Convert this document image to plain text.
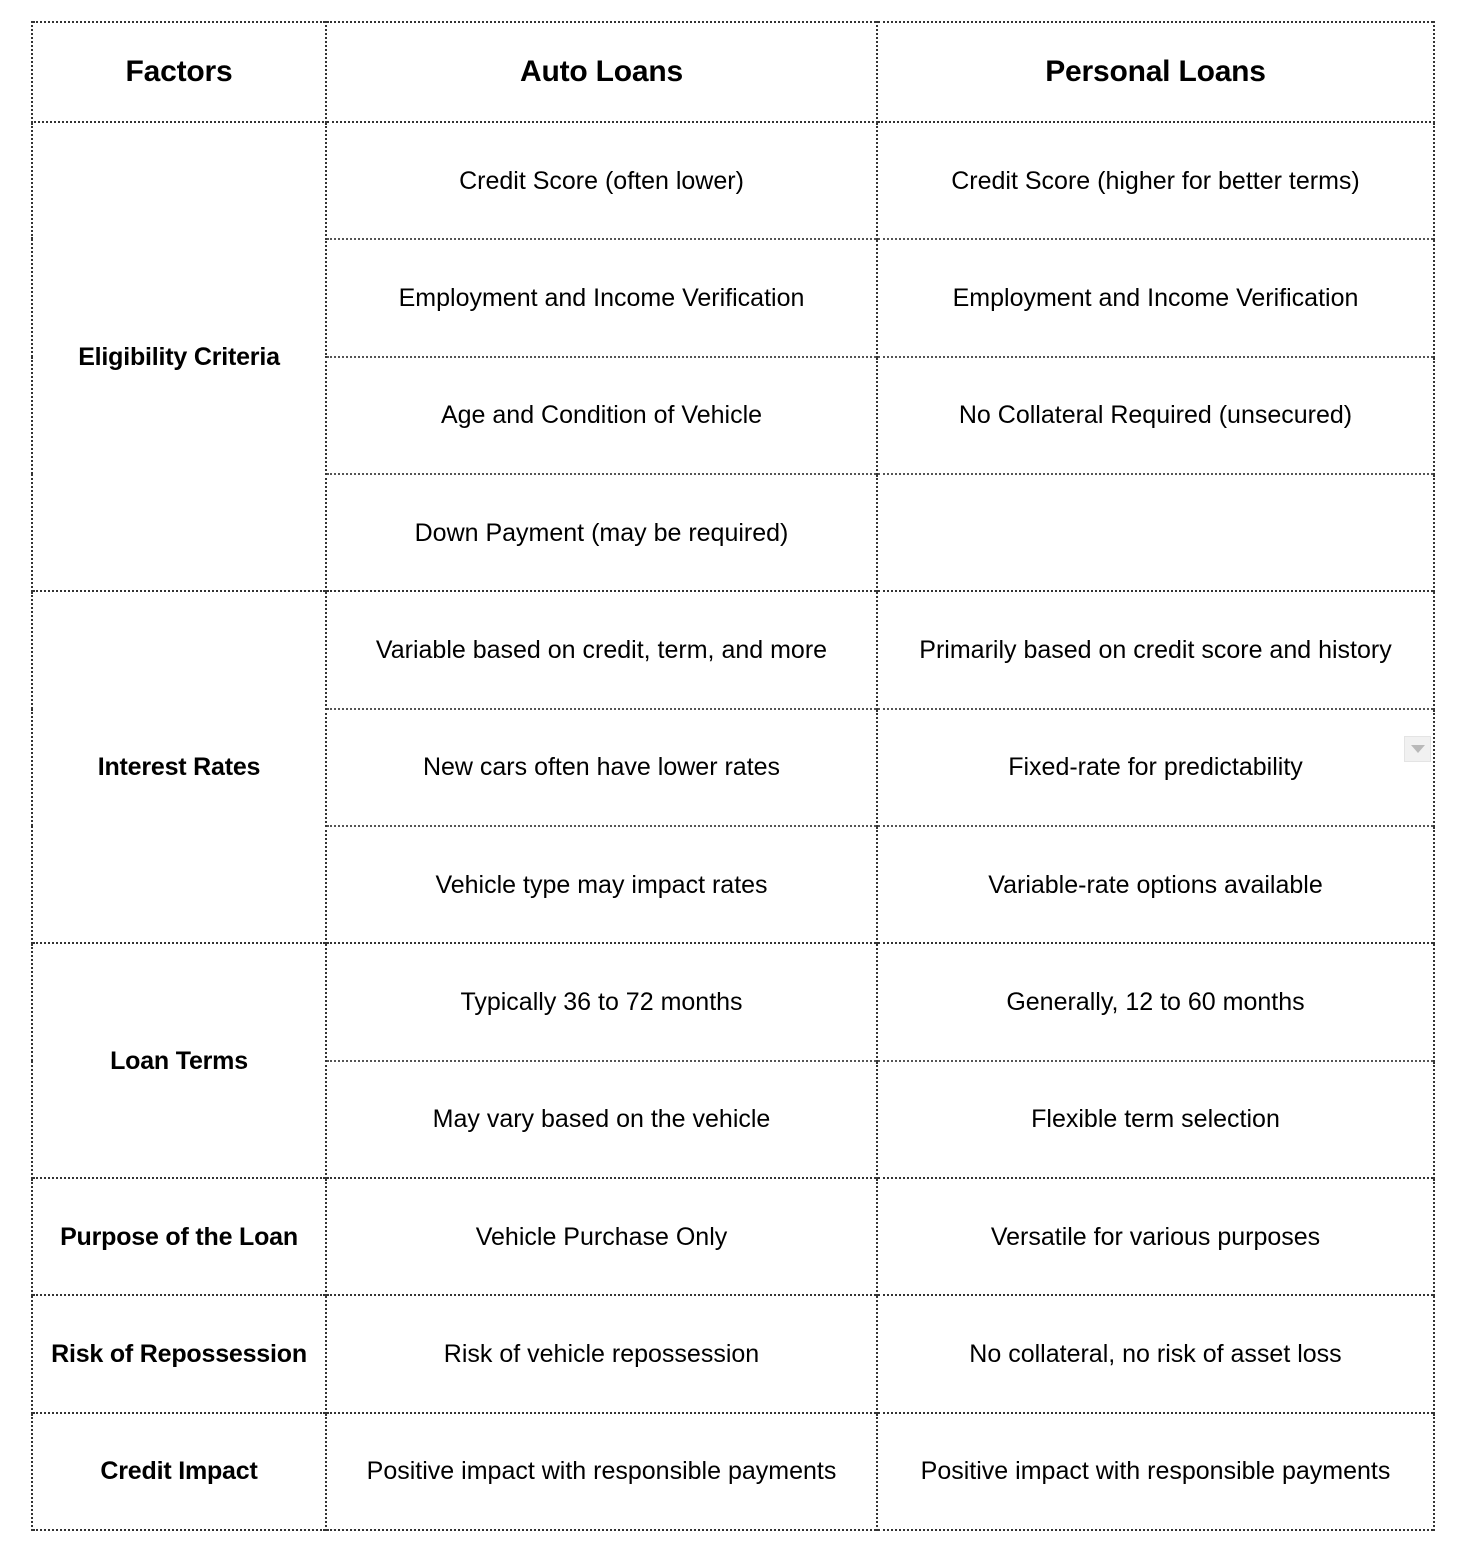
Factors	Auto Loans	Personal Loans
Eligibility Criteria	Credit Score (often lower)	Credit Score (higher for better terms)
	Employment and Income Verification	Employment and Income Verification
	Age and Condition of Vehicle	No Collateral Required (unsecured)
	Down Payment (may be required)	
Interest Rates	Variable based on credit, term, and more	Primarily based on credit score and history
	New cars often have lower rates	Fixed-rate for predictability
	Vehicle type may impact rates	Variable-rate options available
Loan Terms	Typically 36 to 72 months	Generally, 12 to 60 months
	May vary based on the vehicle	Flexible term selection
Purpose of the Loan	Vehicle Purchase Only	Versatile for various purposes
Risk of Repossession	Risk of vehicle repossession	No collateral, no risk of asset loss
Credit Impact	Positive impact with responsible payments	Positive impact with responsible payments
